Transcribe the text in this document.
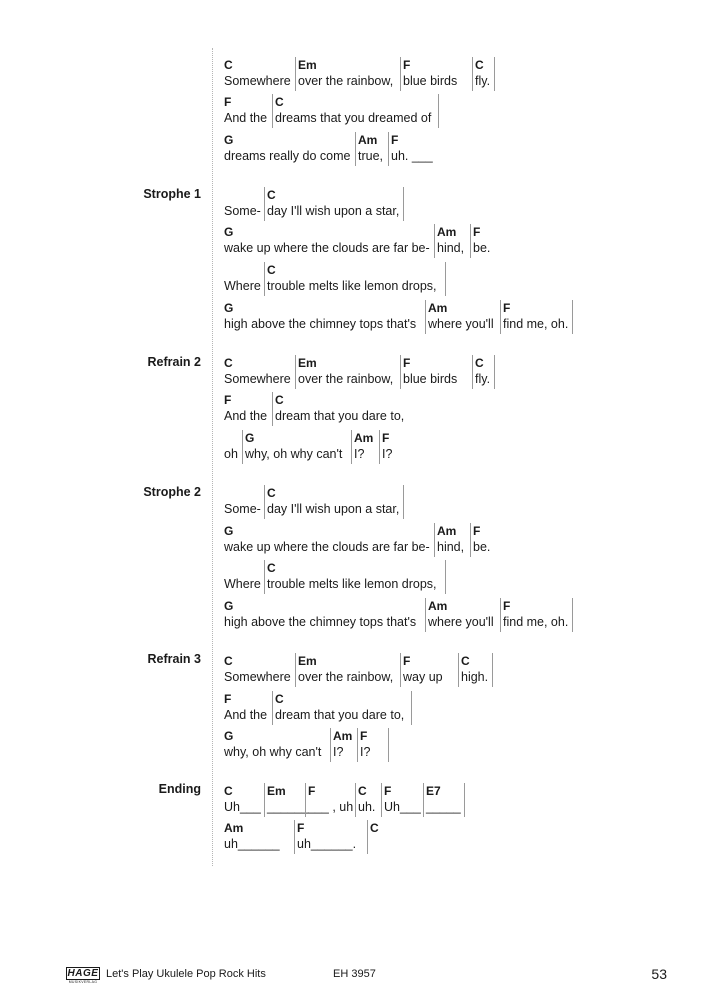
C
Somewhere
Em
over the rainbow,
F
blue birds
C
fly.
F
And the
C
dreams that you dreamed of
G
dreams really do come
Am
true,
F
uh. ___
Strophe 1
Some-
C
day I'll wish upon a star,
G
wake up where the clouds are far be-
Am
hind,
F
be.
Where
C
trouble melts like lemon drops,
G
high above the chimney tops that's
Am
where you'll
F
find me, oh.
Refrain 2 C
Somewhere
Em
over the rainbow,
F
blue birds
C
fly.
F
And the
C
dream that you dare to,
oh
G
why, oh why can't
Am
I?
F
I?
Strophe 2
Some-
C
day I'll wish upon a star,
G
wake up where the clouds are far be-
Am
hind,
F
be.
Where
C
trouble melts like lemon drops,
G
high above the chimney tops that's
Am
where you'll
F
find me, oh.
Refrain 3 C
Somewhere
Em
over the rainbow,
F
way up
C
high.
F
And the
C
dream that you dare to,
G
why, oh why can't
Am
I?
F
I?
Ending C
Uh___
Em
______
F
___ , uh
C
uh.
F
Uh___
E7
_____
Am
uh______
F
uh______.
C
HAGE
MUSIKVERLAG
Let's Play Ukulele Pop Rock Hits	EH 3957	53
